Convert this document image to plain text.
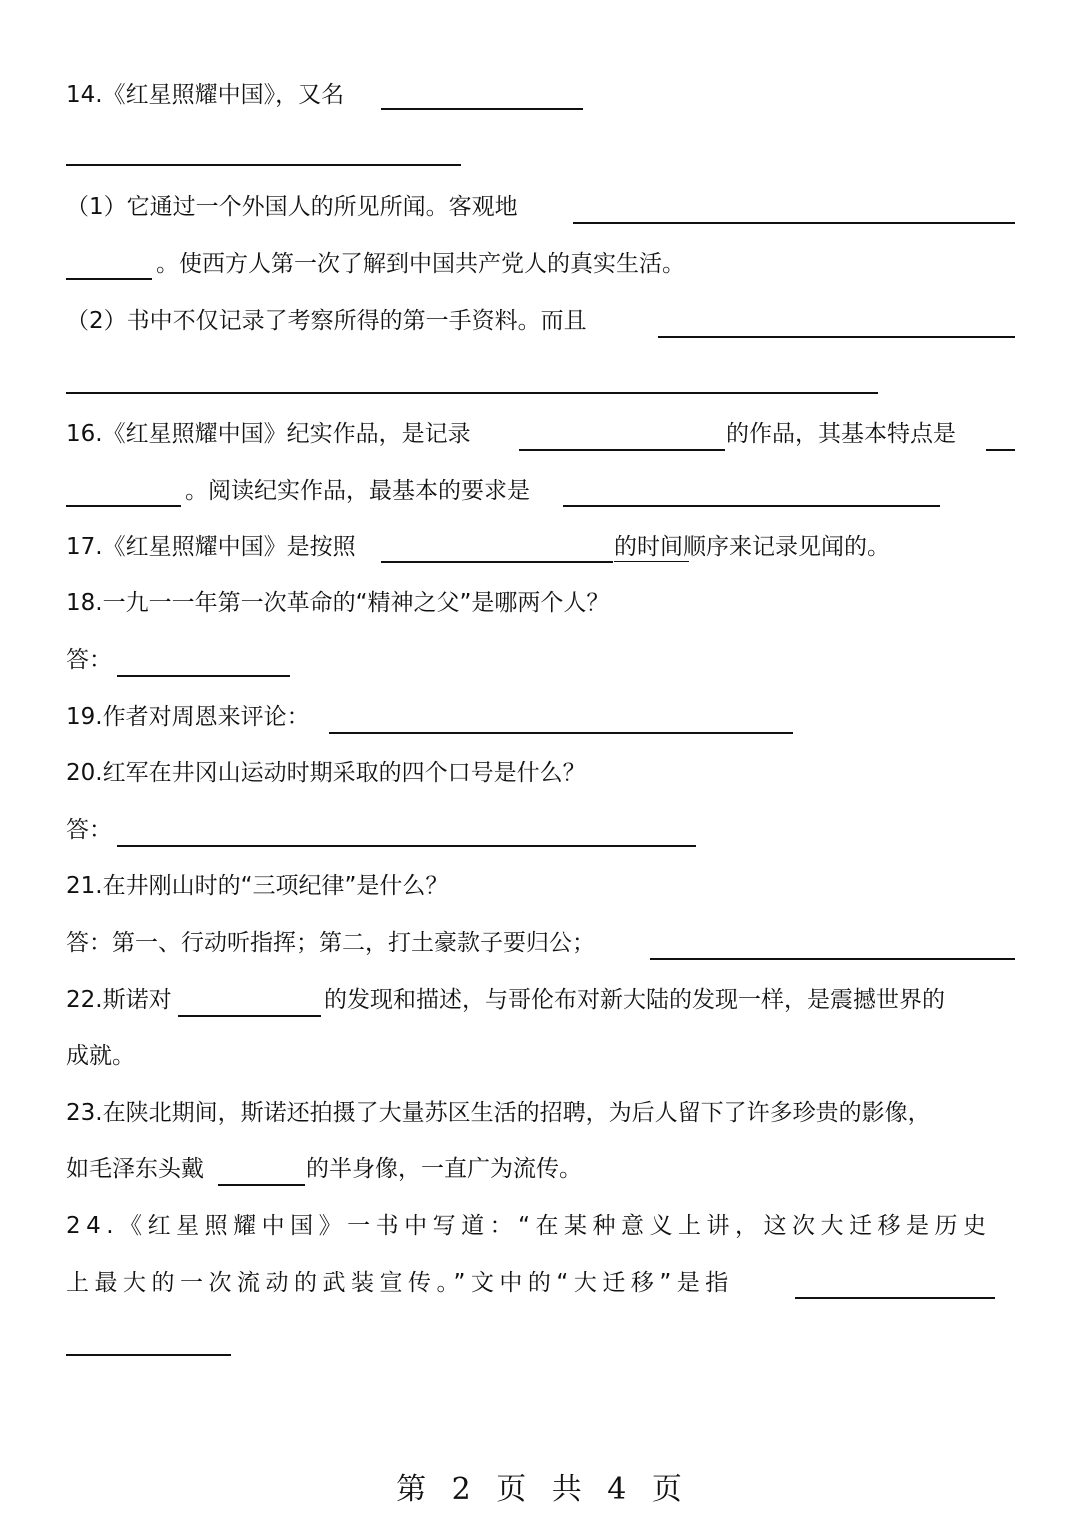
14.《红星照耀中国》，又名
（1）它通过一个外国人的所见所闻。客观地
。使西方人第一次了解到中国共产党人的真实生活。
（2）书中不仅记录了考察所得的第一手资料。而且
16.《红星照耀中国》纪实作品，是记录	的作品，其基本特点是
。阅读纪实作品，最基本的要求是
17.《红星照耀中国》是按照	的时间顺序来记录见闻的。
18.一九一一年第一次革命的“精神之父”是哪两个人？
答：
19.作者对周恩来评论：
20.红军在井冈山运动时期采取的四个口号是什么？
答：
21.在井刚山时的“三项纪律”是什么？
答：第一、行动听指挥；第二，打土豪款子要归公；
22.斯诺对	的发现和描述，与哥伦布对新大陆的发现一样，是震撼世界的
成就。
23.在陕北期间，斯诺还拍摄了大量苏区生活的招聘，为后人留下了许多珍贵的影像，
如毛泽东头戴	的半身像，一直广为流传。
24.《红星照耀中国》一书中写道：“在某种意义上讲，这次大迁移是历史
上最大的一次流动的武装宣传。”文中的“大迁移”是指
第 2 页 共 4 页
